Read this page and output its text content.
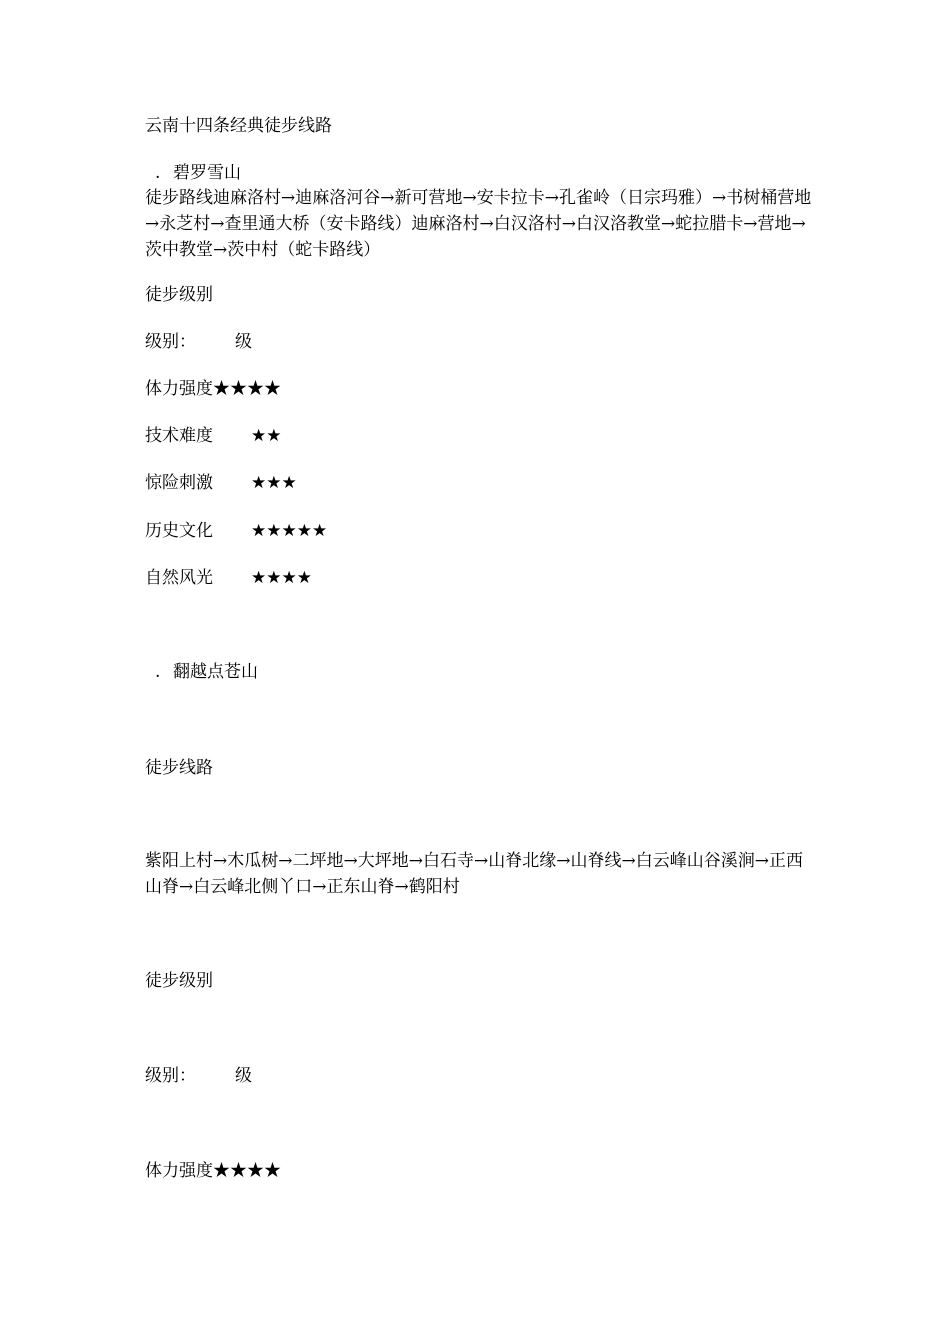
云南十四条经典徒步线路
. 碧罗雪山
徒步路线迪麻洛村→迪麻洛河谷→新可营地→安卡拉卡→孔雀岭（日宗玛雅）→书树桶营地→永芝村→查里通大桥（安卡路线）迪麻洛村→白汉洛村→白汉洛教堂→蛇拉腊卡→营地→茨中教堂→茨中村（蛇卡路线）
徒步级别
级别： 级
体力强度★★★★
技术难度 ★★
惊险刺激 ★★★
历史文化 ★★★★★
自然风光 ★★★★
. 翻越点苍山
徒步线路
紫阳上村→木瓜树→二坪地→大坪地→白石寺→山脊北缘→山脊线→白云峰山谷溪涧→正西山脊→白云峰北侧丫口→正东山脊→鹤阳村
徒步级别
级别： 级
体力强度★★★★
